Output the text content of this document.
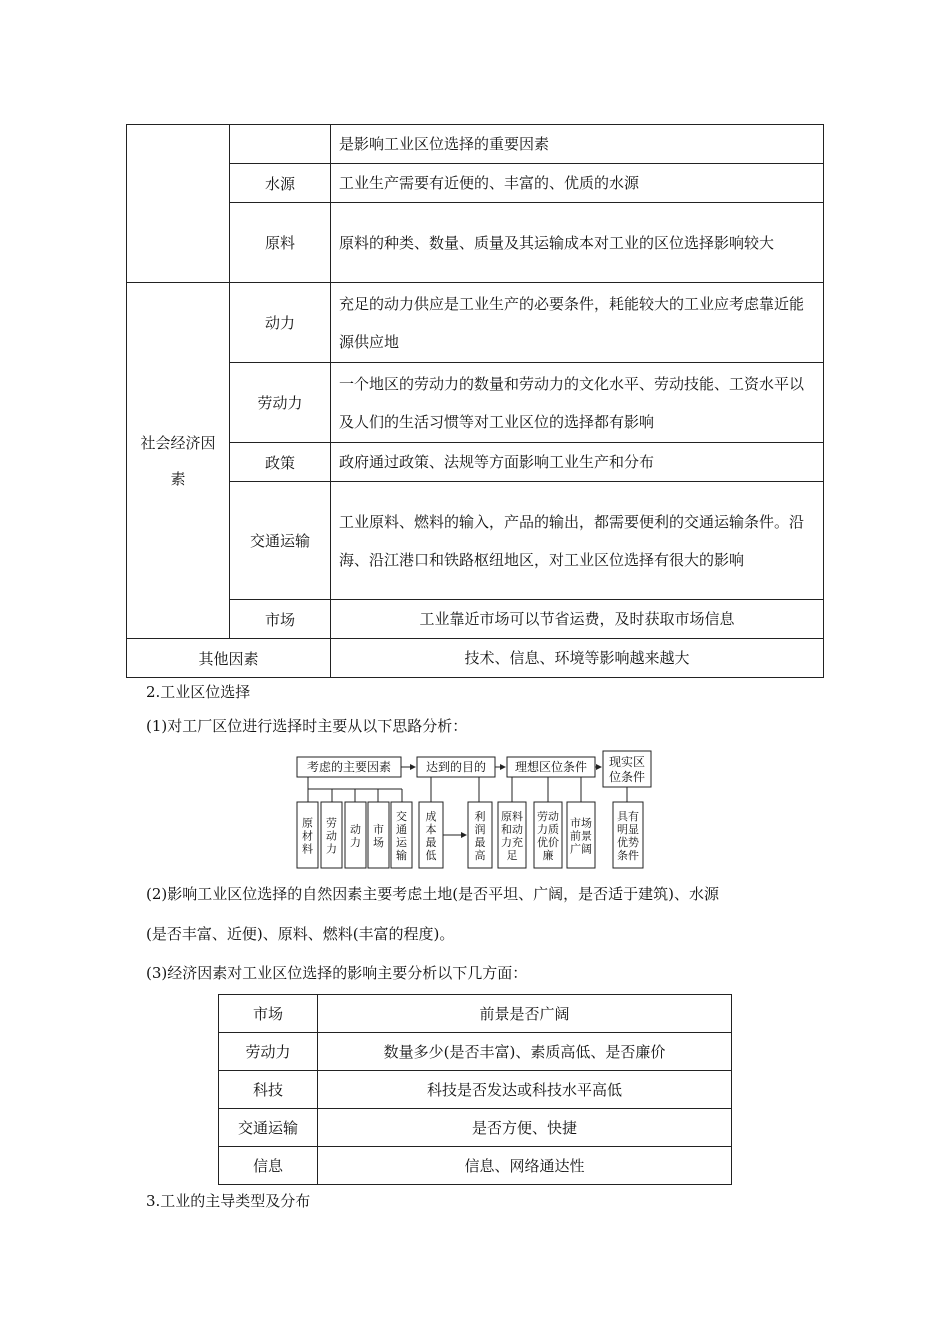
		是影响工业区位选择的重要因素
	水源	工业生产需要有近便的、丰富的、优质的水源
	原料	原料的种类、数量、质量及其运输成本对工业的区位选择影响较大
社会经济因素	动力	充足的动力供应是工业生产的必要条件，耗能较大的工业应考虑靠近能源供应地
	劳动力	一个地区的劳动力的数量和劳动力的文化水平、劳动技能、工资水平以及人们的生活习惯等对工业区位的选择都有影响
	政策	政府通过政策、法规等方面影响工业生产和分布
	交通运输	工业原料、燃料的输入，产品的输出，都需要便利的交通运输条件。沿海、沿江港口和铁路枢纽地区，对工业区位选择有很大的影响
	市场	工业靠近市场可以节省运费，及时获取市场信息
其他因素		技术、信息、环境等影响越来越大
2.工业区位选择
(1)对工厂区位进行选择时主要从以下思路分析：
考虑的主要因素	达到的目的 理想区位条件 现实区
位条件
原材料
劳动力
动力
市场
交通运输
成本最低
利润最高
原料和动力充足
劳动力质优价廉
市场前景广阔
具有明显优势条件
(2)影响工业区位选择的自然因素主要考虑土地(是否平坦、广阔，是否适于建筑)、水源
(是否丰富、近便)、原料、燃料(丰富的程度)。
(3)经济因素对工业区位选择的影响主要分析以下几方面：
市场	前景是否广阔
劳动力	数量多少(是否丰富)、素质高低、是否廉价
科技	科技是否发达或科技水平高低
交通运输	是否方便、快捷
信息	信息、网络通达性
3.工业的主导类型及分布
